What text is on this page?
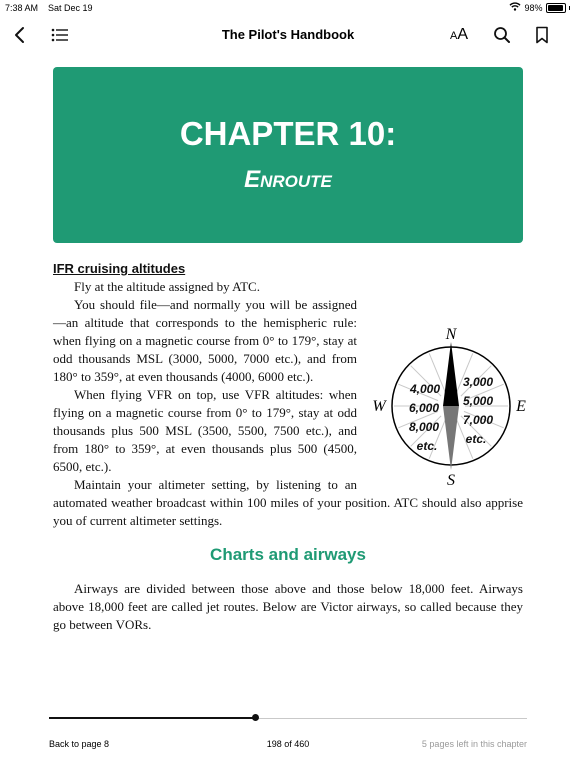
7:38 AM Sat Dec 19	98%
The Pilot's Handbook	AA
CHAPTER 10:
Enroute

IFR cruising altitudes

N
S
W	E
4,000
6,000
8,000
etc.
3,000
5,000
7,000
etc.

Fly at the altitude assigned by ATC.

You should file—and normally you will be assigned—an altitude that corresponds to the hemispheric rule: when flying on a magnetic course from 0° to 179°, stay at odd thousands MSL (3000, 5000, 7000 etc.), and from 180° to 359°, at even thousands (4000, 6000 etc.).

When flying VFR on top, use VFR altitudes: when flying on a magnetic course from 0° to 179°, stay at odd thousands plus 500 MSL (3500, 5500, 7500 etc.), and from 180° to 359°, at even thousands plus 500 (4500, 6500, etc.).

Maintain your altimeter setting, by listening to an automated weather broadcast within 100 miles of your position. ATC should also apprise you of current altimeter settings.

Charts and airways

Airways are divided between those above and those below 18,000 feet. Airways above 18,000 feet are called jet routes. Below are Victor airways, so called because they go between VORs.

Back to page 8	198 of 460	5 pages left in this chapter
